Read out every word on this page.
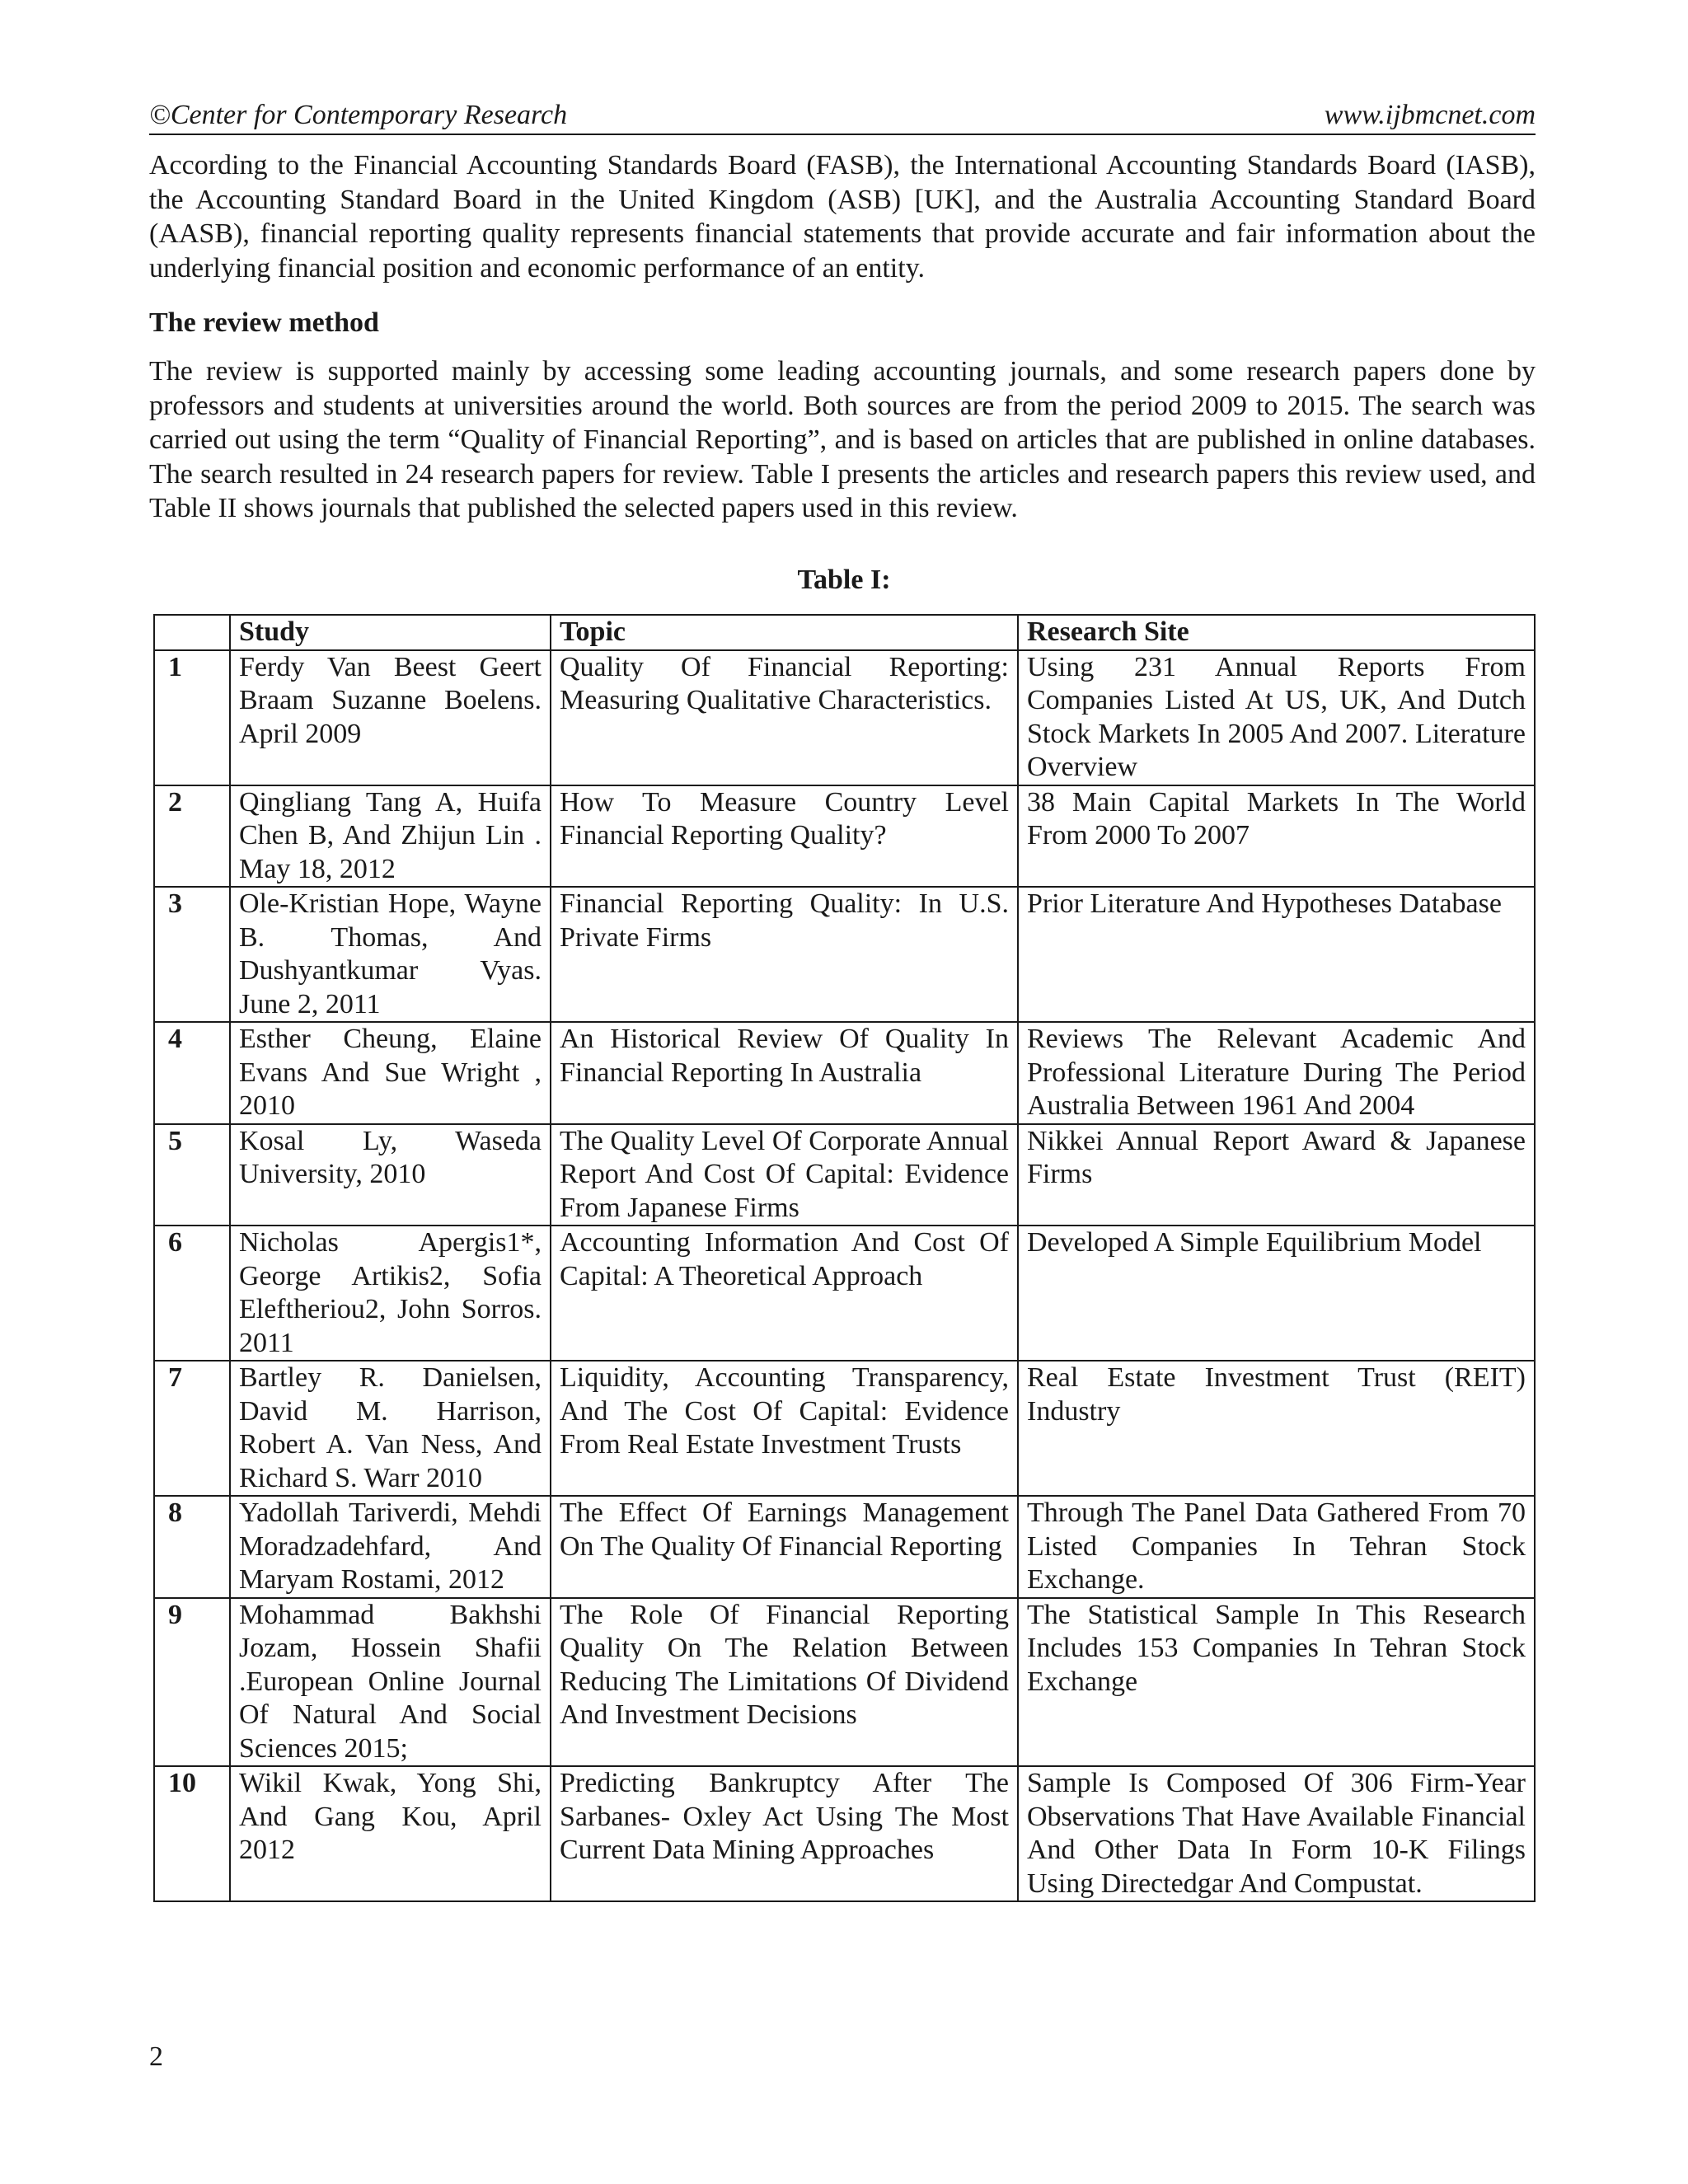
©Center for Contemporary Research	www.ijbmcnet.com

According to the Financial Accounting Standards Board (FASB), the International Accounting Standards Board (IASB), the Accounting Standard Board in the United Kingdom (ASB) [UK], and the Australia Accounting Standard Board (AASB), financial reporting quality represents financial statements that provide accurate and fair information about the underlying financial position and economic performance of an entity.

The review method

The review is supported mainly by accessing some leading accounting journals, and some research papers done by professors and students at universities around the world. Both sources are from the period 2009 to 2015. The search was carried out using the term “Quality of Financial Reporting”, and is based on articles that are published in online databases. The search resulted in 24 research papers for review. Table I presents the articles and research papers this review used, and Table II shows journals that published the selected papers used in this review.

Table I:
	Study	Topic	Research Site
1	Ferdy Van Beest Geert Braam Suzanne Boelens. April 2009	Quality Of Financial Reporting: Measuring Qualitative Characteristics.	Using 231 Annual Reports From Companies Listed At US, UK, And Dutch Stock Markets In 2005 And 2007. Literature Overview
2	Qingliang Tang A, Huifa Chen B, And Zhijun Lin . May 18, 2012	How To Measure Country Level Financial Reporting Quality?	38 Main Capital Markets In The World From 2000 To 2007
3	Ole-Kristian Hope, Wayne B. Thomas, And Dushyantkumar Vyas. June 2, 2011	Financial Reporting Quality: In U.S. Private Firms	Prior Literature And Hypotheses Database
4	Esther Cheung, Elaine Evans And Sue Wright , 2010	An Historical Review Of Quality In Financial Reporting In Australia	Reviews The Relevant Academic And Professional Literature During The Period Australia Between 1961 And 2004
5	Kosal Ly, Waseda University, 2010	The Quality Level Of Corporate Annual Report And Cost Of Capital: Evidence From Japanese Firms	Nikkei Annual Report Award & Japanese Firms
6	Nicholas Apergis1*, George Artikis2, Sofia Eleftheriou2, John Sorros. 2011	Accounting Information And Cost Of Capital: A Theoretical Approach	Developed A Simple Equilibrium Model
7	Bartley R. Danielsen, David M. Harrison, Robert A. Van Ness, And Richard S. Warr 2010	Liquidity, Accounting Transparency, And The Cost Of Capital: Evidence From Real Estate Investment Trusts	Real Estate Investment Trust (REIT) Industry
8	Yadollah Tariverdi, Mehdi Moradzadehfard, And Maryam Rostami, 2012	The Effect Of Earnings Management On The Quality Of Financial Reporting	Through The Panel Data Gathered From 70 Listed Companies In Tehran Stock Exchange.
9	Mohammad Bakhshi Jozam, Hossein Shafii .European Online Journal Of Natural And Social Sciences 2015;	The Role Of Financial Reporting Quality On The Relation Between Reducing The Limitations Of Dividend And Investment Decisions	The Statistical Sample In This Research Includes 153 Companies In Tehran Stock Exchange
10	Wikil Kwak, Yong Shi, And Gang Kou, April 2012	Predicting Bankruptcy After The Sarbanes- Oxley Act Using The Most Current Data Mining Approaches	Sample Is Composed Of 306 Firm-Year Observations That Have Available Financial And Other Data In Form 10-K Filings Using Directedgar And Compustat.
2
